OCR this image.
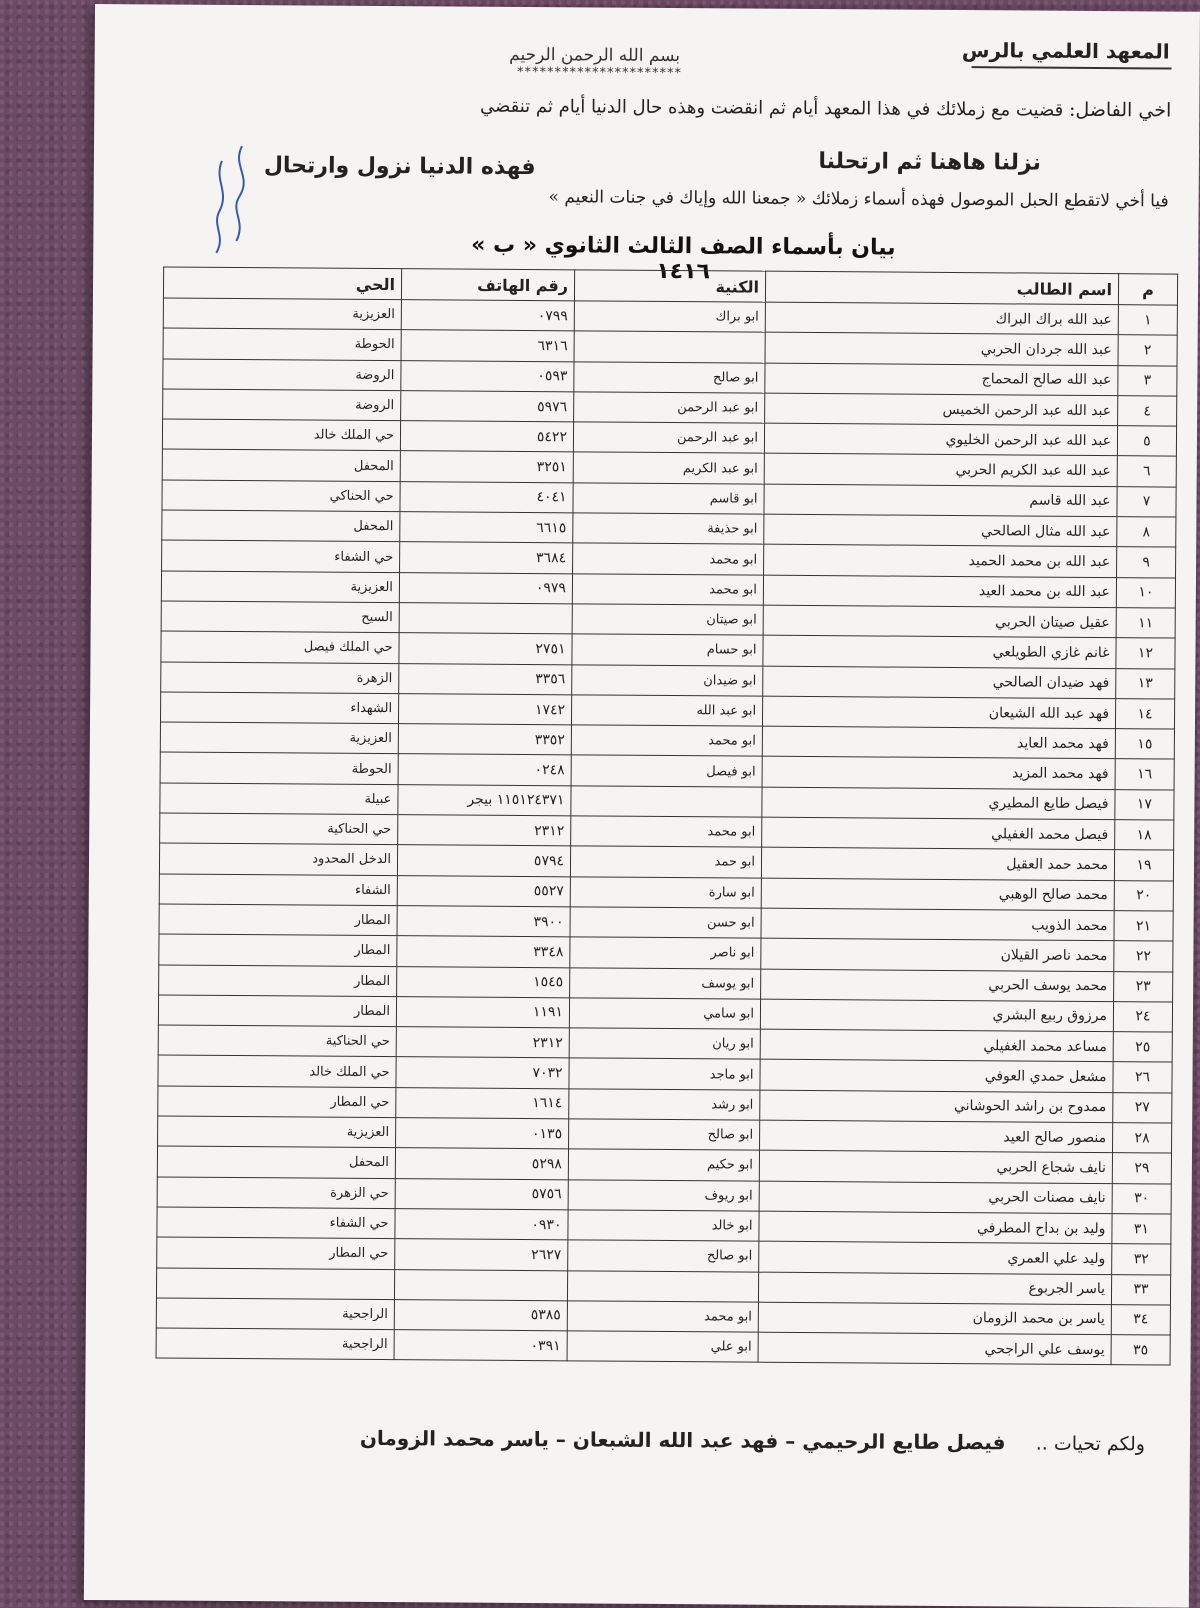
المعهد العلمي بالرس
بسم الله الرحمن الرحيم
**********************
اخي الفاضل: قضيت مع زملائك في هذا المعهد أيام ثم انقضت وهذه حال الدنيا أيام ثم تنقضي
نزلنا هاهنا ثم ارتحلنا
فهذه الدنيا نزول وارتحال
فيا أخي لاتقطع الحبل الموصول فهذه أسماء زملائك « جمعنا الله وإياك في جنات النعيم »
بيان بأسماء الصف الثالث الثانوي « ب » ١٤١٦
م	اسم الطالب	الكنية	رقم الهاتف	الحي
١	عبد الله براك البراك	ابو براك	٠٧٩٩	العزيزية
٢	عبد الله جردان الحربي		٦٣١٦	الحوطة
٣	عبد الله صالح المحماج	ابو صالح	٠٥٩٣	الروضة
٤	عبد الله عبد الرحمن الخميس	ابو عبد الرحمن	٥٩٧٦	الروضة
٥	عبد الله عبد الرحمن الخليوي	ابو عبد الرحمن	٥٤٢٢	حي الملك خالد
٦	عبد الله عبد الكريم الحربي	ابو عبد الكريم	٣٢٥١	المحفل
٧	عبد الله قاسم	ابو قاسم	٤٠٤١	حي الحناكي
٨	عبد الله مثال الصالحي	ابو حذيفة	٦٦١٥	المحفل
٩	عبد الله بن محمد الحميد	ابو محمد	٣٦٨٤	حي الشفاء
١٠	عبد الله بن محمد العيد	ابو محمد	٠٩٧٩	العزيزية
١١	عقيل صيتان الحربي	ابو صيتان		السيح
١٢	غانم غازي الطويلعي	ابو حسام	٢٧٥١	حي الملك فيصل
١٣	فهد ضيدان الصالحي	ابو ضيدان	٣٣٥٦	الزهرة
١٤	فهد عبد الله الشيعان	ابو عبد الله	١٧٤٢	الشهداء
١٥	فهد محمد العايد	ابو محمد	٣٣٥٢	العزيزية
١٦	فهد محمد المزيد	ابو فيصل	٠٢٤٨	الحوطة
١٧	فيصل طايع المطيري		١١٥١٢٤٣٧١ بيجر	عبيلة
١٨	فيصل محمد الغفيلي	ابو محمد	٢٣١٢	حي الحناكية
١٩	محمد حمد العقيل	ابو حمد	٥٧٩٤	الدخل المحدود
٢٠	محمد صالح الوهبي	ابو سارة	٥٥٢٧	الشفاء
٢١	محمد الذويب	ابو حسن	٣٩٠٠	المطار
٢٢	محمد ناصر القيلان	ابو ناصر	٣٣٤٨	المطار
٢٣	محمد يوسف الحربي	ابو يوسف	١٥٤٥	المطار
٢٤	مرزوق ربيع البشري	ابو سامي	١١٩١	المطار
٢٥	مساعد محمد الغفيلي	ابو ريان	٢٣١٢	حي الحناكية
٢٦	مشعل حمدي العوفي	ابو ماجد	٧٠٣٢	حي الملك خالد
٢٧	ممدوح بن راشد الحوشاني	ابو رشد	١٦١٤	حي المطار
٢٨	منصور صالح العيد	ابو صالح	٠١٣٥	العزيزية
٢٩	نايف شجاع الحربي	ابو حكيم	٥٢٩٨	المحفل
٣٠	نايف مصنات الحربي	ابو ريوف	٥٧٥٦	حي الزهرة
٣١	وليد بن بداح المطرفي	ابو خالد	٠٩٣٠	حي الشفاء
٣٢	وليد علي العمري	ابو صالح	٢٦٢٧	حي المطار
٣٣	ياسر الجربوع			
٣٤	ياسر بن محمد الزومان	ابو محمد	٥٣٨٥	الراجحية
٣٥	يوسف علي الراجحي	ابو علي	٠٣٩١	الراجحية
ولكم تحيات ..     فيصل طايع الرحيمي – فهد عبد الله الشبعان – ياسر محمد الزومان
